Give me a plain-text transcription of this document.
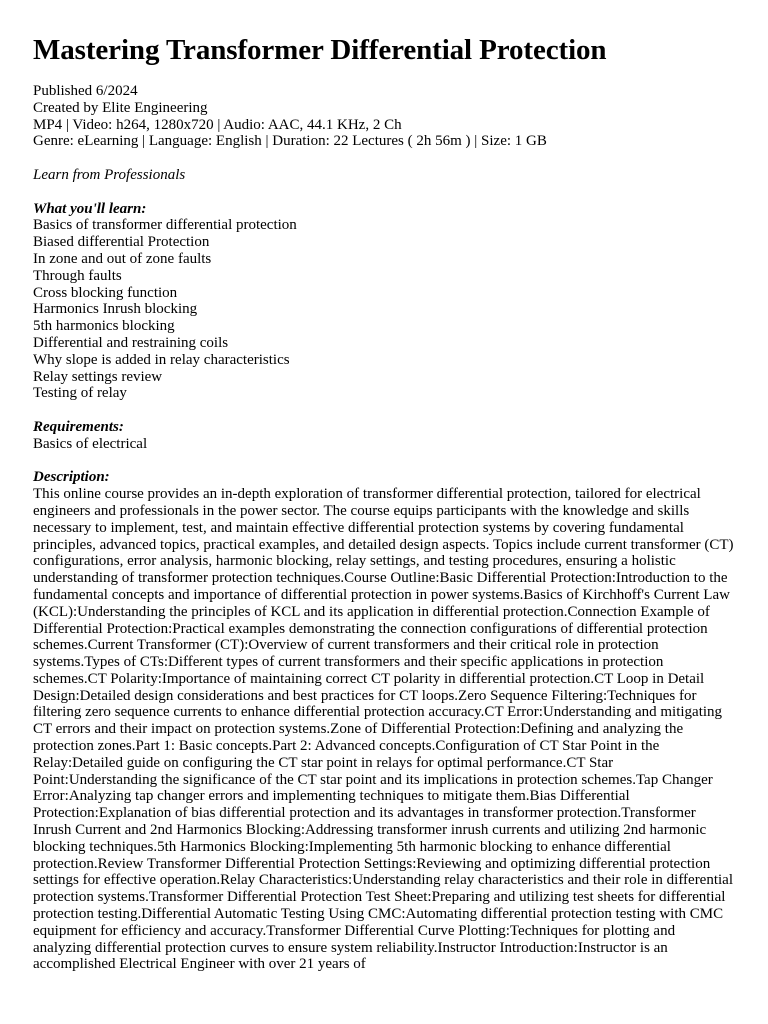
Mastering Transformer Differential Protection

Published 6/2024

Created by Elite Engineering

MP4 | Video: h264, 1280x720 | Audio: AAC, 44.1 KHz, 2 Ch

Genre: eLearning | Language: English | Duration: 22 Lectures ( 2h 56m ) | Size: 1 GB

Learn from Professionals

What you'll learn:

Basics of transformer differential protection

Biased differential Protection

In zone and out of zone faults

Through faults

Cross blocking function

Harmonics Inrush blocking

5th harmonics blocking

Differential and restraining coils

Why slope is added in relay characteristics

Relay settings review

Testing of relay

Requirements:

Basics of electrical

Description:

This online course provides an in-depth exploration of transformer differential protection, tailored for electrical engineers and professionals in the power sector. The course equips participants with the knowledge and skills necessary to implement, test, and maintain effective differential protection systems by covering fundamental principles, advanced topics, practical examples, and detailed design aspects. Topics include current transformer (CT) configurations, error analysis, harmonic blocking, relay settings, and testing procedures, ensuring a holistic understanding of transformer protection techniques.Course Outline:Basic Differential Protection:Introduction to the fundamental concepts and importance of differential protection in power systems.Basics of Kirchhoff's Current Law (KCL):Understanding the principles of KCL and its application in differential protection.Connection Example of Differential Protection:Practical examples demonstrating the connection configurations of differential protection schemes.Current Transformer (CT):Overview of current transformers and their critical role in protection systems.Types of CTs:Different types of current transformers and their specific applications in protection schemes.CT Polarity:Importance of maintaining correct CT polarity in differential protection.CT Loop in Detail Design:Detailed design considerations and best practices for CT loops.Zero Sequence Filtering:Techniques for filtering zero sequence currents to enhance differential protection accuracy.CT Error:Understanding and mitigating CT errors and their impact on protection systems.Zone of Differential Protection:Defining and analyzing the protection zones.Part 1: Basic concepts.Part 2: Advanced concepts.Configuration of CT Star Point in the Relay:Detailed guide on configuring the CT star point in relays for optimal performance.CT Star Point:Understanding the significance of the CT star point and its implications in protection schemes.Tap Changer Error:Analyzing tap changer errors and implementing techniques to mitigate them.Bias Differential Protection:Explanation of bias differential protection and its advantages in transformer protection.Transformer Inrush Current and 2nd Harmonics Blocking:Addressing transformer inrush currents and utilizing 2nd harmonic blocking techniques.5th Harmonics Blocking:Implementing 5th harmonic blocking to enhance differential protection.Review Transformer Differential Protection Settings:Reviewing and optimizing differential protection settings for effective operation.Relay Characteristics:Understanding relay characteristics and their role in differential protection systems.Transformer Differential Protection Test Sheet:Preparing and utilizing test sheets for differential protection testing.Differential Automatic Testing Using CMC:Automating differential protection testing with CMC equipment for efficiency and accuracy.Transformer Differential Curve Plotting:Techniques for plotting and analyzing differential protection curves to ensure system reliability.Instructor Introduction:Instructor is an accomplished Electrical Engineer with over 21 years of
